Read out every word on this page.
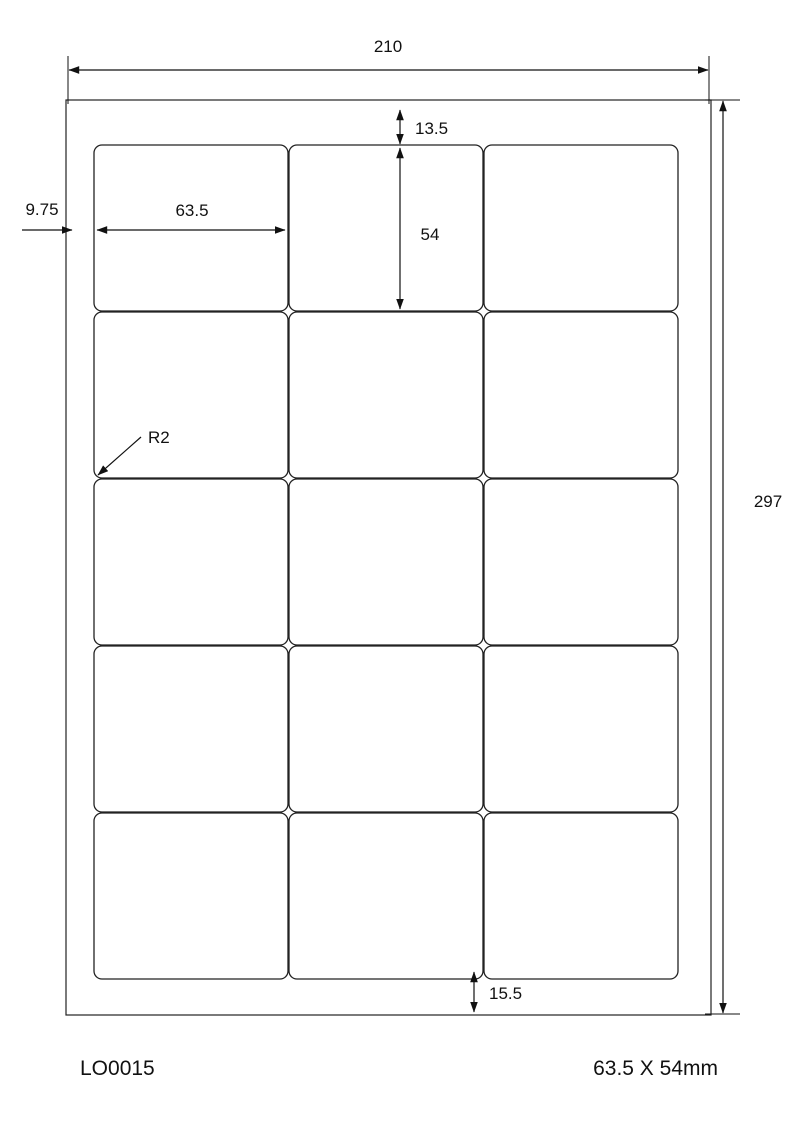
210
297
13.5
9.75	63.5
54
15.5
R2
LO0015	63.5 X 54mm
